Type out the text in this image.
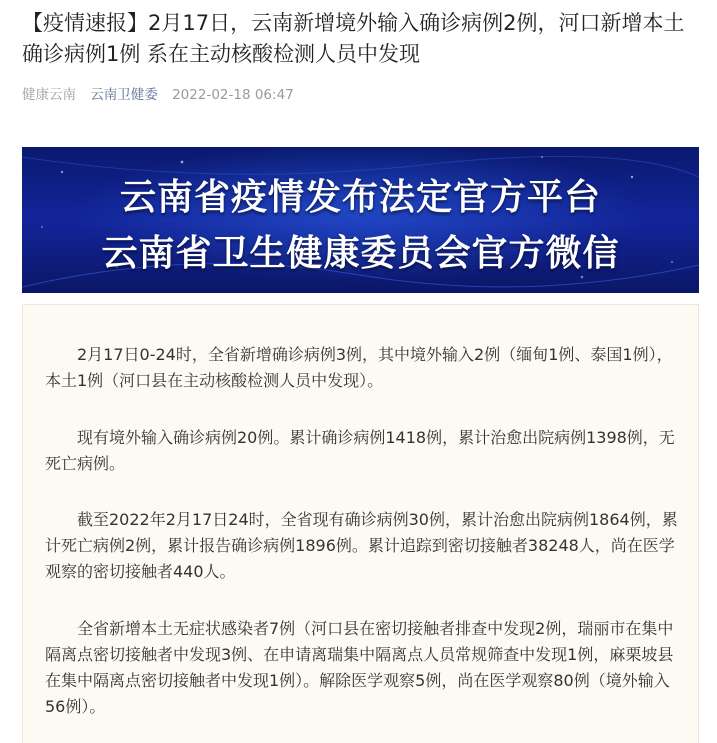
【疫情速报】2月17日，云南新增境外输入确诊病例2例，河口新增本土确诊病例1例 系在主动核酸检测人员中发现
健康云南 云南卫健委 2022-02-18 06:47
云南省疫情发布法定官方平台
云南省卫生健康委员会官方微信

2月17日0-24时，全省新增确诊病例3例，其中境外输入2例（缅甸1例、泰国1例），本土1例（河口县在主动核酸检测人员中发现）。

现有境外输入确诊病例20例。累计确诊病例1418例，累计治愈出院病例1398例，无死亡病例。

截至2022年2月17日24时，全省现有确诊病例30例，累计治愈出院病例1864例，累计死亡病例2例，累计报告确诊病例1896例。累计追踪到密切接触者38248人，尚在医学观察的密切接触者440人。

全省新增本土无症状感染者7例（河口县在密切接触者排查中发现2例，瑞丽市在集中隔离点密切接触者中发现3例、在申请离瑞集中隔离点人员常规筛查中发现1例，麻栗坡县在集中隔离点密切接触者中发现1例）。解除医学观察5例，尚在医学观察80例（境外输入56例）。
